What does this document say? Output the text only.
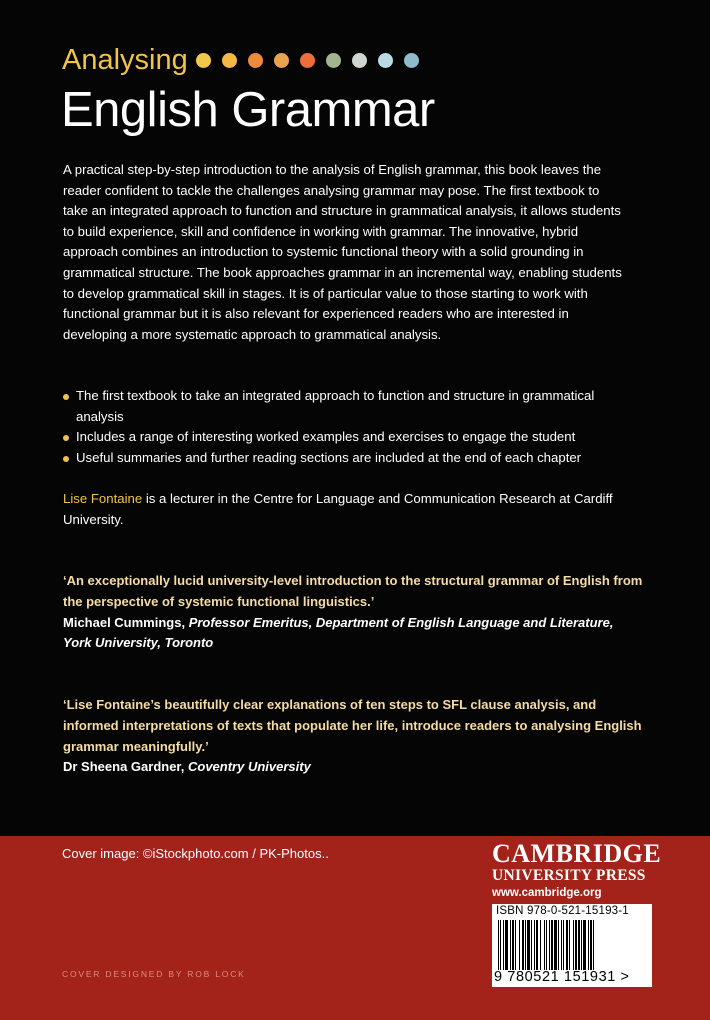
Analysing
English Grammar

A practical step-by-step introduction to the analysis of English grammar, this book leaves the reader confident to tackle the challenges analysing grammar may pose. The first textbook to take an integrated approach to function and structure in grammatical analysis, it allows students to build experience, skill and confidence in working with grammar. The innovative, hybrid approach combines an introduction to systemic functional theory with a solid grounding in grammatical structure. The book approaches grammar in an incremental way, enabling students to develop grammatical skill in stages. It is of particular value to those starting to work with functional grammar but it is also relevant for experienced readers who are interested in developing a more systematic approach to grammatical analysis.

The first textbook to take an integrated approach to function and structure in grammatical analysis
Includes a range of interesting worked examples and exercises to engage the student
Useful summaries and further reading sections are included at the end of each chapter

Lise Fontaine is a lecturer in the Centre for Language and Communication Research at Cardiff University.

‘An exceptionally lucid university-level introduction to the structural grammar of English from the perspective of systemic functional linguistics.’
Michael Cummings, Professor Emeritus, Department of English Language and Literature, York University, Toronto
‘Lise Fontaine’s beautifully clear explanations of ten steps to SFL clause analysis, and informed interpretations of texts that populate her life, introduce readers to analysing English grammar meaningfully.’
Dr Sheena Gardner, Coventry University
Cover image: ©iStockphoto.com / PK-Photos..
COVER DESIGNED BY ROB LOCK
CAMBRIDGE
UNIVERSITY PRESS
www.cambridge.org
ISBN 978-0-521-15193-1
9 780521 151931 >
